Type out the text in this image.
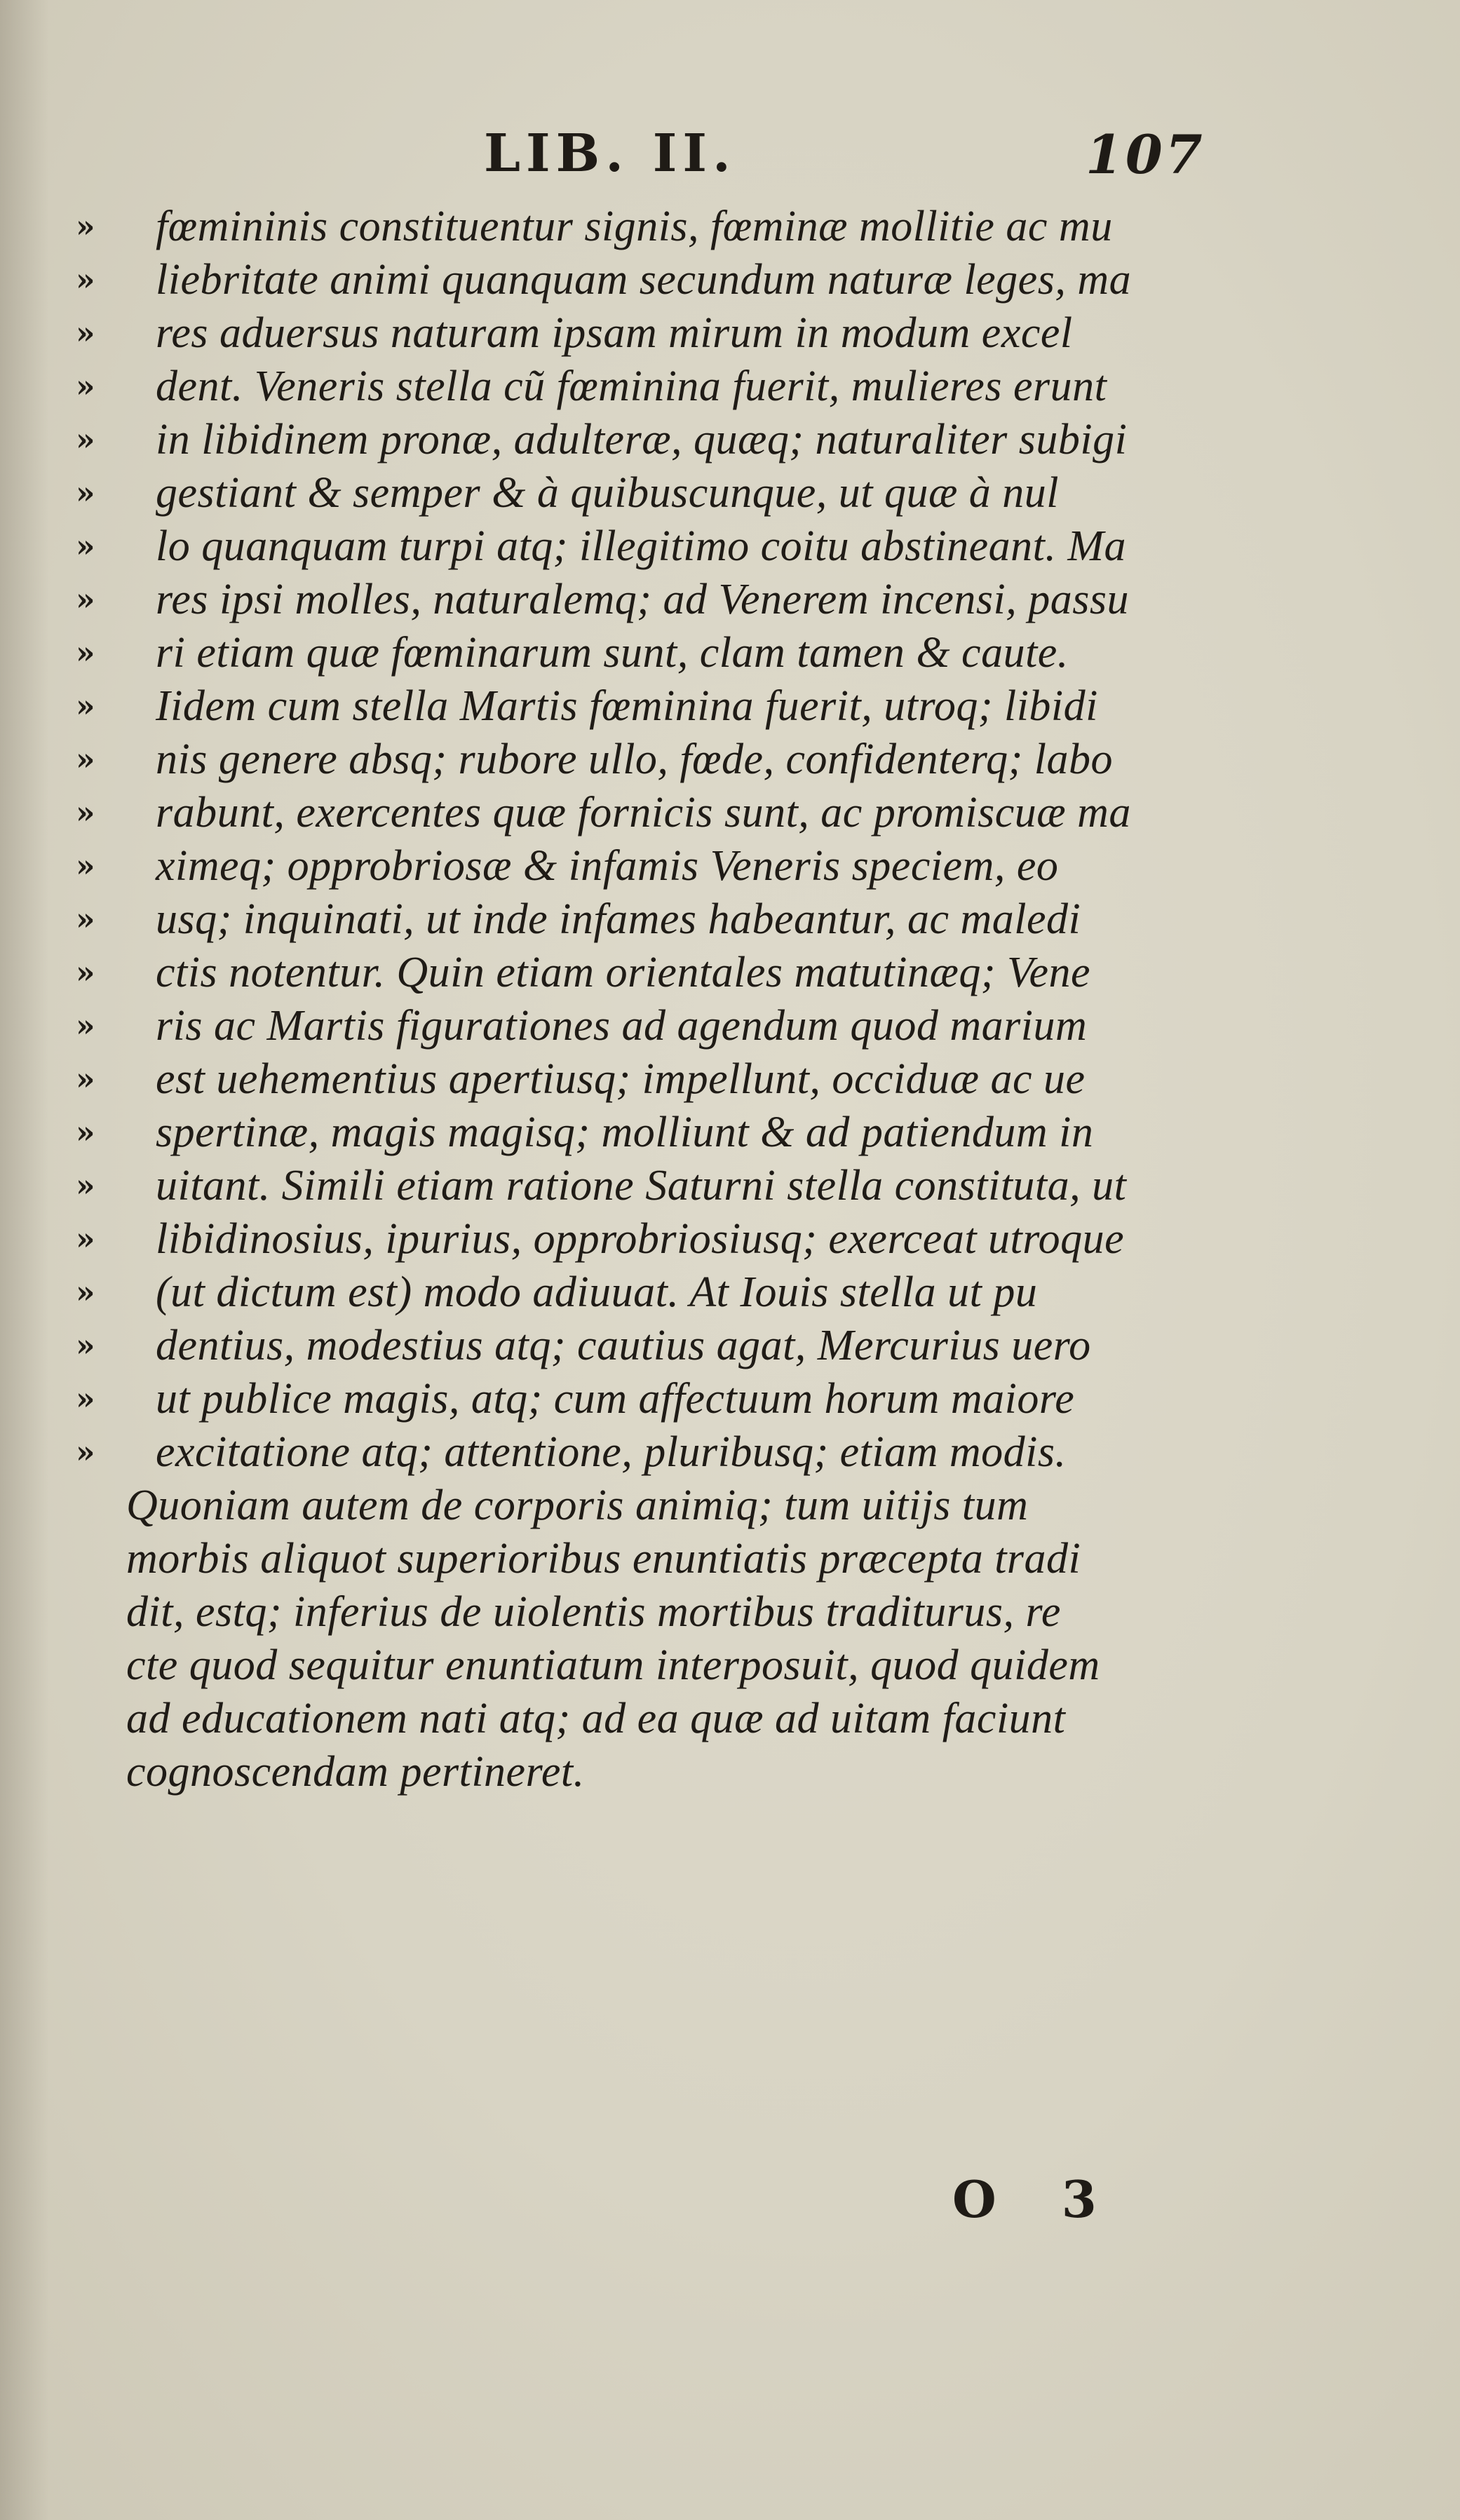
LIB. II.	107
» fœmininis constituentur signis, fœminæ mollitie ac mu
» liebritate animi quanquam secundum naturæ leges, ma
» res aduersus naturam ipsam mirum in modum excel
» dent. Veneris stella cũ fœminina fuerit, mulieres erunt
» in libidinem pronæ, adulteræ, quæq; naturaliter subigi
» gestiant & semper & à quibuscunque, ut quæ à nul
» lo quanquam turpi atq; illegitimo coitu abstineant. Ma
» res ipsi molles, naturalemq; ad Venerem incensi, passu
» ri etiam quæ fœminarum sunt, clam tamen & caute.
» Iidem cum stella Martis fœminina fuerit, utroq; libidi
» nis genere absq; rubore ullo, fœde, confidenterq; labo
» rabunt, exercentes quæ fornicis sunt, ac promiscuæ ma
» ximeq; opprobriosæ & infamis Veneris speciem, eo
» usq; inquinati, ut inde infames habeantur, ac maledi
» ctis notentur. Quin etiam orientales matutinæq; Vene
» ris ac Martis figurationes ad agendum quod marium
» est uehementius apertiusq; impellunt, occiduæ ac ue
» spertinæ, magis magisq; molliunt & ad patiendum in
» uitant. Simili etiam ratione Saturni stella constituta, ut
» libidinosius, ipurius, opprobriosiusq; exerceat utroque
» (ut dictum est) modo adiuuat. At Iouis stella ut pu
» dentius, modestius atq; cautius agat, Mercurius uero
» ut publice magis, atq; cum affectuum horum maiore
» excitatione atq; attentione, pluribusq; etiam modis.
Quoniam autem de corporis animiq; tum uitijs tum
morbis aliquot superioribus enuntiatis præcepta tradi
dit, estq; inferius de uiolentis mortibus traditurus, re
cte quod sequitur enuntiatum interposuit, quod quidem
ad educationem nati atq; ad ea quæ ad uitam faciunt
cognoscendam pertineret.
O 3
